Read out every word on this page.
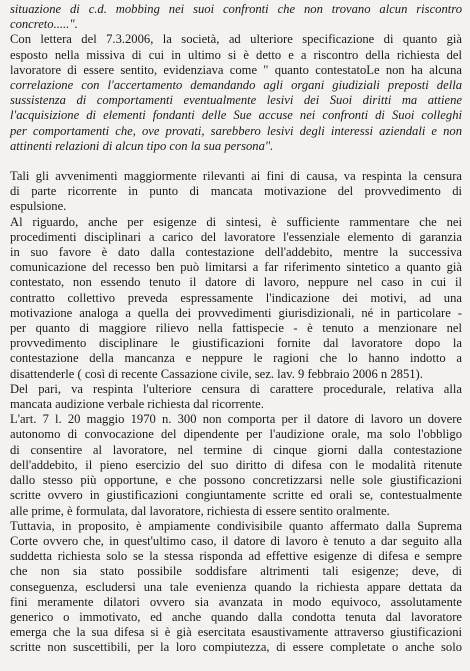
situazione di c.d. mobbing nei suoi confronti che non trovano alcun riscontro

concreto.....".

Con lettera del 7.3.2006, la società, ad ulteriore specificazione di quanto già

esposto nella missiva di cui in ultimo si è detto e a riscontro della richiesta del

lavoratore di essere sentito, evidenziava come " quanto contestatoLe non ha alcuna

correlazione con l'accertamento demandando agli organi giudiziali preposti della

sussistenza di comportamenti eventualmente lesivi dei Suoi diritti ma attiene

l'acquisizione di elementi fondanti delle Sue accuse nei confronti di Suoi colleghi

per comportamenti che, ove provati, sarebbero lesivi degli interessi aziendali e non

attinenti relazioni di alcun tipo con la sua persona".

Tali gli avvenimenti maggiormente rilevanti ai fini di causa, va respinta la censura

di parte ricorrente in punto di mancata motivazione del provvedimento di

espulsione.

Al riguardo, anche per esigenze di sintesi, è sufficiente rammentare che nei

procedimenti disciplinari a carico del lavoratore l'essenziale elemento di garanzia

in suo favore è dato dalla contestazione dell'addebito, mentre la successiva

comunicazione del recesso ben può limitarsi a far riferimento sintetico a quanto già

contestato, non essendo tenuto il datore di lavoro, neppure nel caso in cui il

contratto collettivo preveda espressamente l'indicazione dei motivi, ad una

motivazione analoga a quella dei provvedimenti giurisdizionali, né in particolare -

per quanto di maggiore rilievo nella fattispecie - è tenuto a menzionare nel

provvedimento disciplinare le giustificazioni fornite dal lavoratore dopo la

contestazione della mancanza e neppure le ragioni che lo hanno indotto a

disattenderle ( così di recente Cassazione civile, sez. lav. 9 febbraio 2006 n 2851).

Del pari, va respinta l'ulteriore censura di carattere procedurale, relativa alla

mancata audizione verbale richiesta dal ricorrente.

L'art. 7 l. 20 maggio 1970 n. 300 non comporta per il datore di lavoro un dovere

autonomo di convocazione del dipendente per l'audizione orale, ma solo l'obbligo

di consentire al lavoratore, nel termine di cinque giorni dalla contestazione

dell'addebito, il pieno esercizio del suo diritto di difesa con le modalità ritenute

dallo stesso più opportune, e che possono concretizzarsi nelle sole giustificazioni

scritte ovvero in giustificazioni congiuntamente scritte ed orali se, contestualmente

alle prime, è formulata, dal lavoratore, richiesta di essere sentito oralmente.

Tuttavia, in proposito, è ampiamente condivisibile quanto affermato dalla Suprema

Corte ovvero che, in quest'ultimo caso, il datore di lavoro è tenuto a dar seguito alla

suddetta richiesta solo se la stessa risponda ad effettive esigenze di difesa e sempre

che non sia stato possibile soddisfare altrimenti tali esigenze; deve, di

conseguenza, escludersi una tale evenienza quando la richiesta appare dettata da

fini meramente dilatori ovvero sia avanzata in modo equivoco, assolutamente

generico o immotivato, ed anche quando dalla condotta tenuta dal lavoratore

emerga che la sua difesa si è già esercitata esaustivamente attraverso giustificazioni

scritte non suscettibili, per la loro compiutezza, di essere completate o anche solo
